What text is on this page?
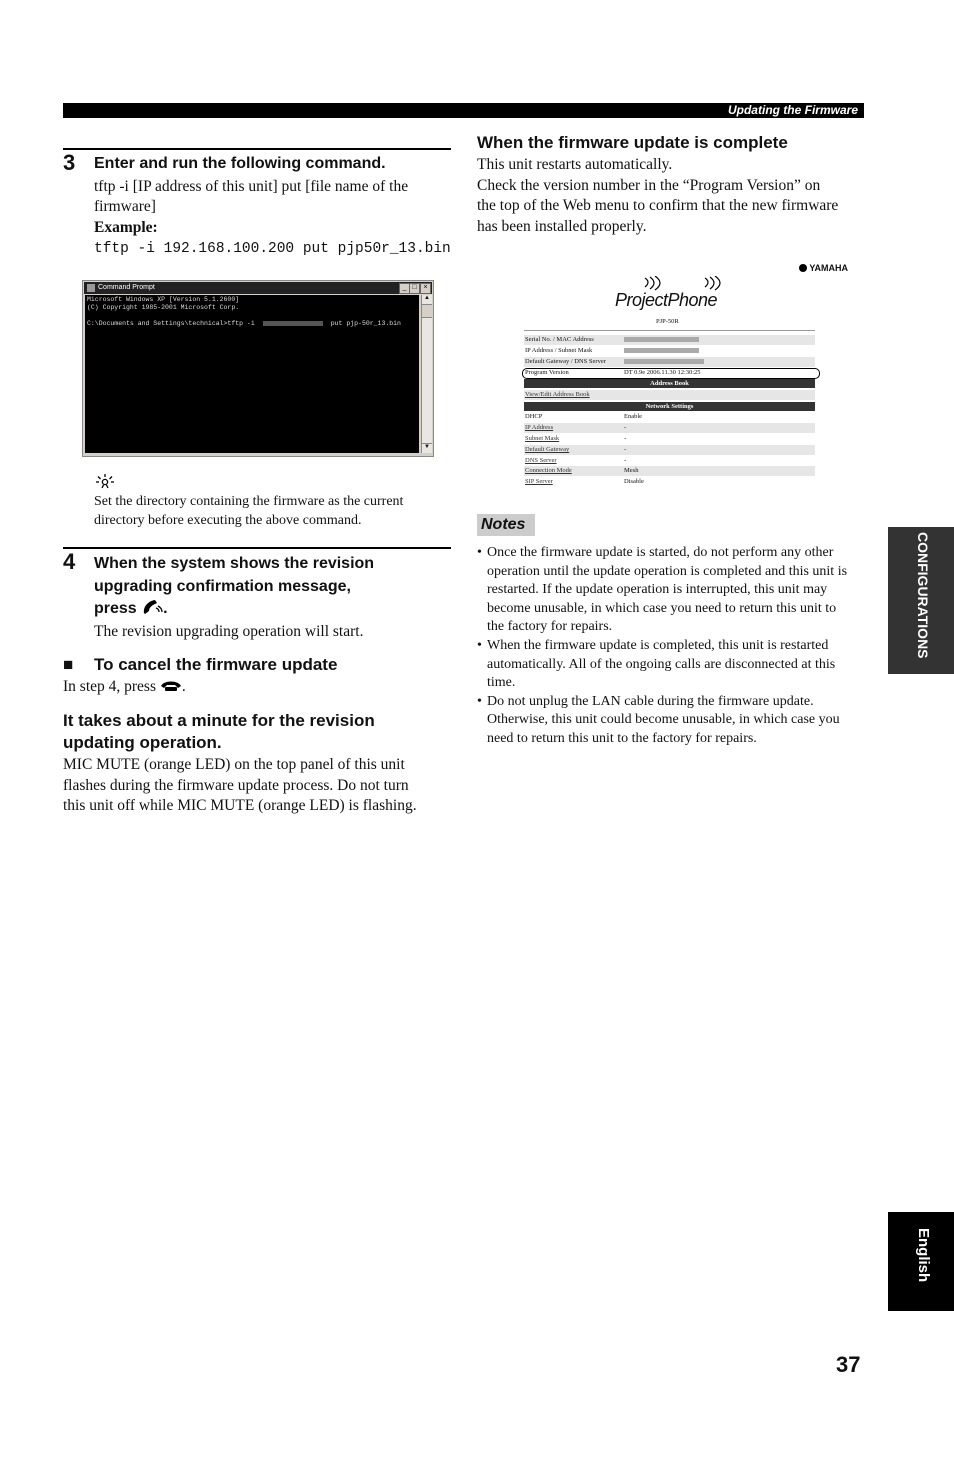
Updating the Firmware
3 Enter and run the following command.
tftp -i [IP address of this unit] put [file name of the
firmware]
Example:
tftp -i 192.168.100.200 put pjp50r_13.bin
Command Prompt	_ □ ×
Microsoft Windows XP [Version 5.1.2600]
(C) Copyright 1985-2001 Microsoft Corp.
C:\Documents and Settings\technical>tftp -i	put pjp-50r_13.bin
▲
▼
Set the directory containing the firmware as the current
directory before executing the above command.
4 When the system shows the revision
upgrading confirmation message,
press .
The revision upgrading operation will start.
■ To cancel the firmware update
In step 4, press .
It takes about a minute for the revision
updating operation.
MIC MUTE (orange LED) on the top panel of this unit
flashes during the firmware update process. Do not turn
this unit off while MIC MUTE (orange LED) is flashing.
When the firmware update is complete
This unit restarts automatically.
Check the version number in the “Program Version” on
the top of the Web menu to confirm that the new firmware
has been installed properly.
YAMAHA
ProjectPhone
PJP-50R
Serial No. / MAC Address
IP Address / Subnet Mask
Default Gateway / DNS Server
Program Version	DT 0.9e 2006.11.30 12:30:25
Address Book
View/Edit Address Book
Network Settings
DHCP	Enable
IP Address	-
Subnet Mask	-
Default Gateway	-
DNS Server	-
Connection Mode	Mesh
SIP Server	Disable
Notes
• Once the firmware update is started, do not perform any other
operation until the update operation is completed and this unit is
restarted. If the update operation is interrupted, this unit may
become unusable, in which case you need to return this unit to
the factory for repairs.
• When the firmware update is completed, this unit is restarted
automatically. All of the ongoing calls are disconnected at this
time.
• Do not unplug the LAN cable during the firmware update.
Otherwise, this unit could become unusable, in which case you
need to return this unit to the factory for repairs.
CONFIGURATIONS
English
37
